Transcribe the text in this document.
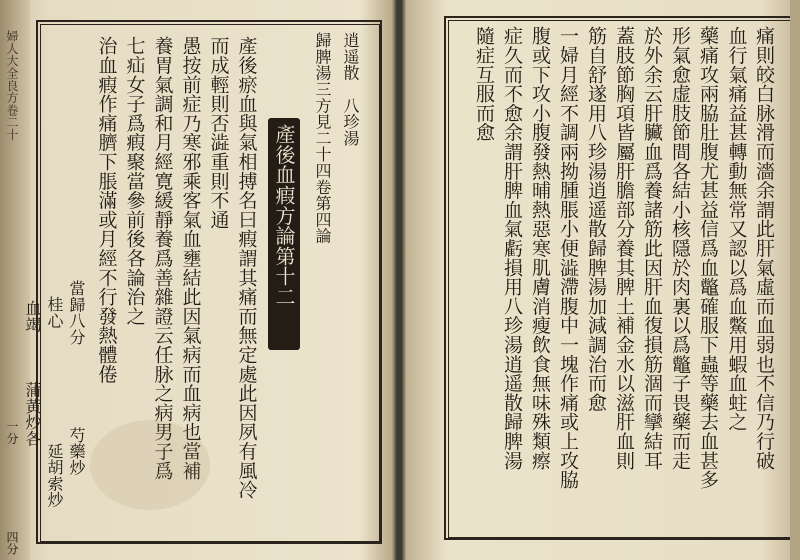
婦人大全良方卷二十	逍遥散　八珍湯
歸脾湯三方見二十四卷第四論
產後血瘕方論第十二
產後瘀血與氣相搏名曰瘕謂其痛而無定處此因夙有風冷
而成輕則否澁重則不通
愚按前症乃寒邪乘客氣血壅結此因氣病而血病也當補
養胃氣調和月經寛緩靜養爲善雜證云任脉之病男子爲
七疝女子爲瘕聚當參前後各論治之
治血瘕作痛臍下脹滿或月經不行發熱體倦
當歸八分　　　　　芍藥炒
桂心　　　　　　　延胡索炒
血竭　　　蒲黃炒各
一分　　　　　　　四分
痛則皎白脉滑而濇余謂此肝氣虛而血弱也不信乃行破
血行氣痛益甚轉動無常又認以爲血鱉用蝦血蛀之
藥痛攻兩脇肚腹尤甚益信爲血鼈確服下蟲等藥去血甚多
形氣愈虚肢節間各結小核隱於肉裏以爲鼈子畏藥而走
於外余云肝臟血爲養諸筋此因肝血復損筋涸而攣結耳
蓋肢節胸項皆屬肝膽部分養其脾土補金水以滋肝血則
筋自舒遂用八珍湯逍遥散歸脾湯加減調治而愈
一婦月經不調兩拗腫脹小便澁滯腹中一塊作痛或上攻脇
腹或下攻小腹發熱晡熱惡寒肌膚消瘦飲食無味殊類瘵
症久而不愈余謂肝脾血氣虧損用八珍湯逍遥散歸脾湯
隨症互服而愈
